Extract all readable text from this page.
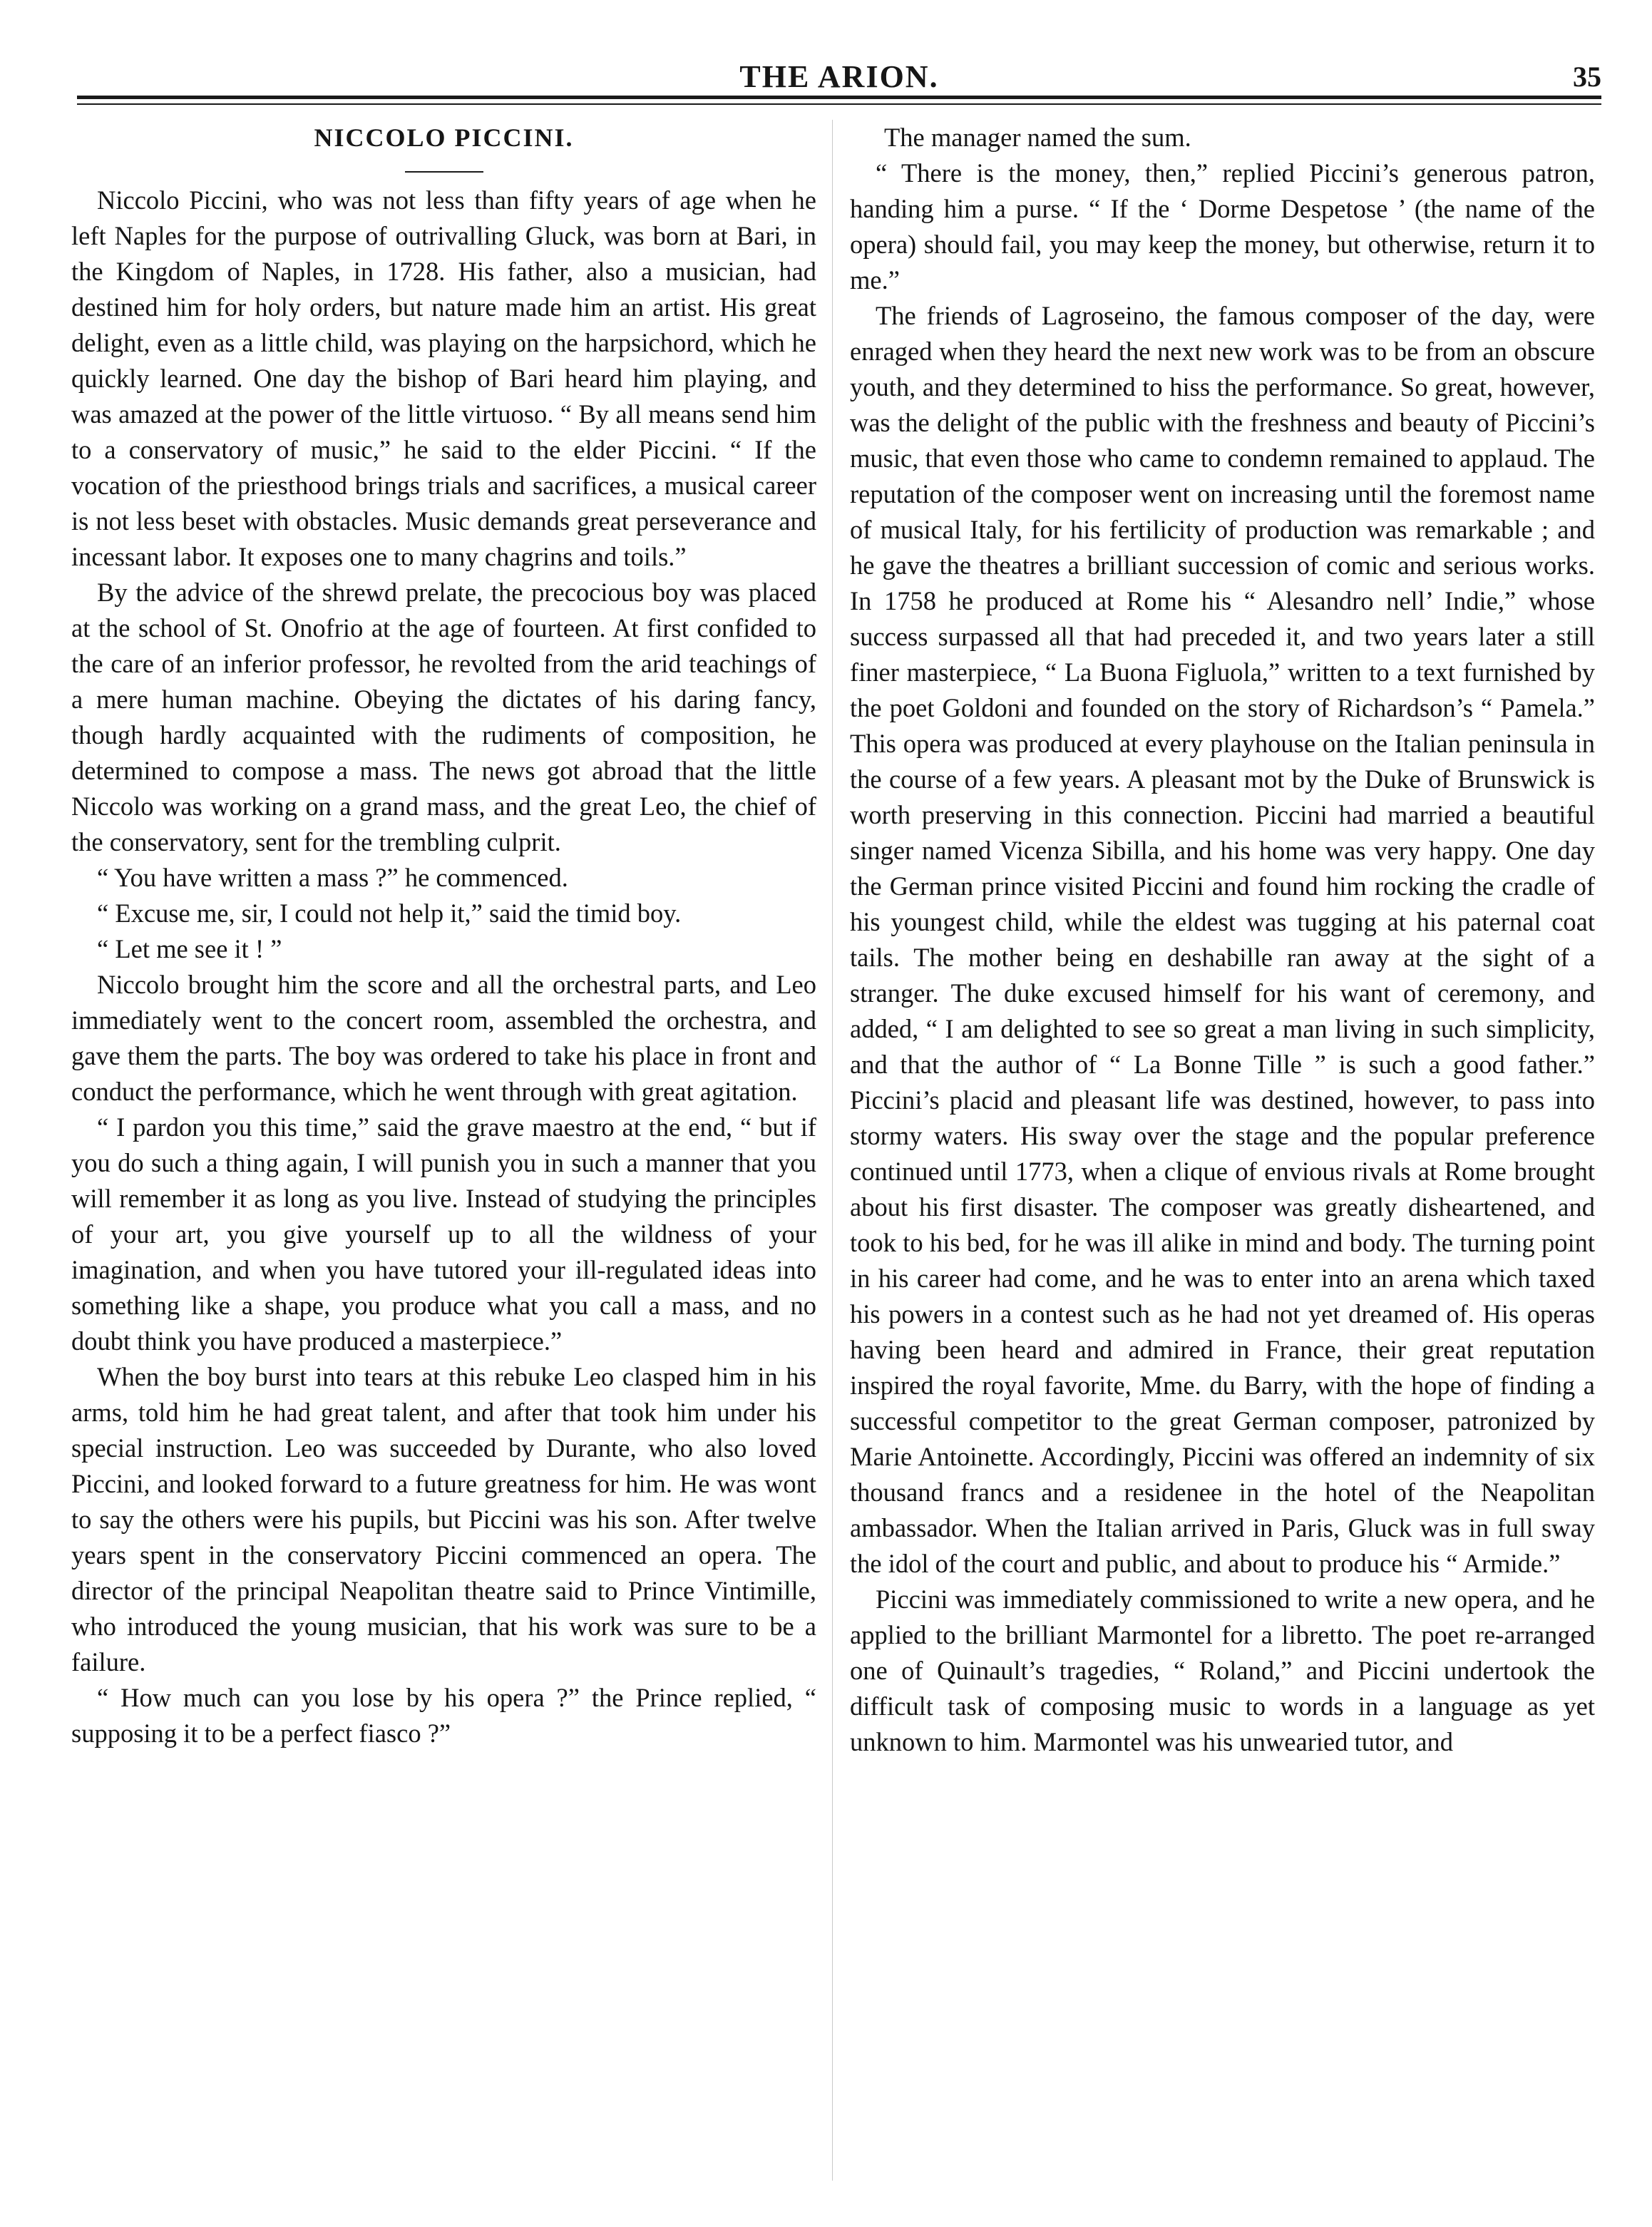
THE ARION.	35
NICCOLO PICCINI.

Niccolo Piccini, who was not less than fifty years of age when he left Naples for the purpose of outrivalling Gluck, was born at Bari, in the Kingdom of Naples, in 1728. His father, also a musician, had destined him for holy orders, but nature made him an artist. His great delight, even as a little child, was playing on the harpsichord, which he quickly learned. One day the bishop of Bari heard him playing, and was amazed at the power of the little virtuoso. “ By all means send him to a conservatory of music,” he said to the elder Piccini. “ If the vocation of the priesthood brings trials and sacrifices, a musical career is not less beset with obstacles. Music demands great perseverance and incessant labor. It exposes one to many chagrins and toils.”

By the advice of the shrewd prelate, the precocious boy was placed at the school of St. Onofrio at the age of fourteen. At first confided to the care of an inferior professor, he revolted from the arid teachings of a mere human machine. Obeying the dictates of his daring fancy, though hardly acquainted with the rudiments of composition, he determined to compose a mass. The news got abroad that the little Niccolo was working on a grand mass, and the great Leo, the chief of the conservatory, sent for the trembling culprit.

“ You have written a mass ?” he commenced.

“ Excuse me, sir, I could not help it,” said the timid boy.

“ Let me see it ! ”

Niccolo brought him the score and all the orchestral parts, and Leo immediately went to the concert room, assembled the orchestra, and gave them the parts. The boy was ordered to take his place in front and conduct the performance, which he went through with great agitation.

“ I pardon you this time,” said the grave maestro at the end, “ but if you do such a thing again, I will punish you in such a manner that you will remember it as long as you live. Instead of studying the principles of your art, you give yourself up to all the wildness of your imagination, and when you have tutored your ill-regulated ideas into something like a shape, you produce what you call a mass, and no doubt think you have produced a masterpiece.”

When the boy burst into tears at this rebuke Leo clasped him in his arms, told him he had great talent, and after that took him under his special instruction. Leo was succeeded by Durante, who also loved Piccini, and looked forward to a future greatness for him. He was wont to say the others were his pupils, but Piccini was his son. After twelve years spent in the conservatory Piccini commenced an opera. The director of the principal Neapolitan theatre said to Prince Vintimille, who introduced the young musician, that his work was sure to be a failure.

“ How much can you lose by his opera ?” the Prince replied, “ supposing it to be a perfect fiasco ?”

The manager named the sum.

“ There is the money, then,” replied Piccini’s generous patron, handing him a purse. “ If the ‘ Dorme Despetose ’ (the name of the opera) should fail, you may keep the money, but otherwise, return it to me.”

The friends of Lagroseino, the famous composer of the day, were enraged when they heard the next new work was to be from an obscure youth, and they determined to hiss the performance. So great, however, was the delight of the public with the freshness and beauty of Piccini’s music, that even those who came to condemn remained to applaud. The reputation of the composer went on increasing until the foremost name of musical Italy, for his fertilicity of production was remarkable ; and he gave the theatres a brilliant succession of comic and serious works. In 1758 he produced at Rome his “ Alesandro nell’ Indie,” whose success surpassed all that had preceded it, and two years later a still finer masterpiece, “ La Buona Figluola,” written to a text furnished by the poet Goldoni and founded on the story of Richardson’s “ Pamela.” This opera was produced at every playhouse on the Italian peninsula in the course of a few years. A pleasant mot by the Duke of Brunswick is worth preserving in this connection. Piccini had married a beautiful singer named Vicenza Sibilla, and his home was very happy. One day the German prince visited Piccini and found him rocking the cradle of his youngest child, while the eldest was tugging at his paternal coat tails. The mother being en deshabille ran away at the sight of a stranger. The duke excused himself for his want of ceremony, and added, “ I am delighted to see so great a man living in such simplicity, and that the author of “ La Bonne Tille ” is such a good father.” Piccini’s placid and pleasant life was destined, however, to pass into stormy waters. His sway over the stage and the popular preference continued until 1773, when a clique of envious rivals at Rome brought about his first disaster. The composer was greatly disheartened, and took to his bed, for he was ill alike in mind and body. The turning point in his career had come, and he was to enter into an arena which taxed his powers in a contest such as he had not yet dreamed of. His operas having been heard and admired in France, their great reputation inspired the royal favorite, Mme. du Barry, with the hope of finding a successful competitor to the great German composer, patronized by Marie Antoinette. Accordingly, Piccini was offered an indemnity of six thousand francs and a residenee in the hotel of the Neapolitan ambassador. When the Italian arrived in Paris, Gluck was in full sway the idol of the court and public, and about to produce his “ Armide.”

Piccini was immediately commissioned to write a new opera, and he applied to the brilliant Marmontel for a libretto. The poet re-arranged one of Quinault’s tragedies, “ Roland,” and Piccini undertook the difficult task of composing music to words in a language as yet unknown to him. Marmontel was his unwearied tutor, and
